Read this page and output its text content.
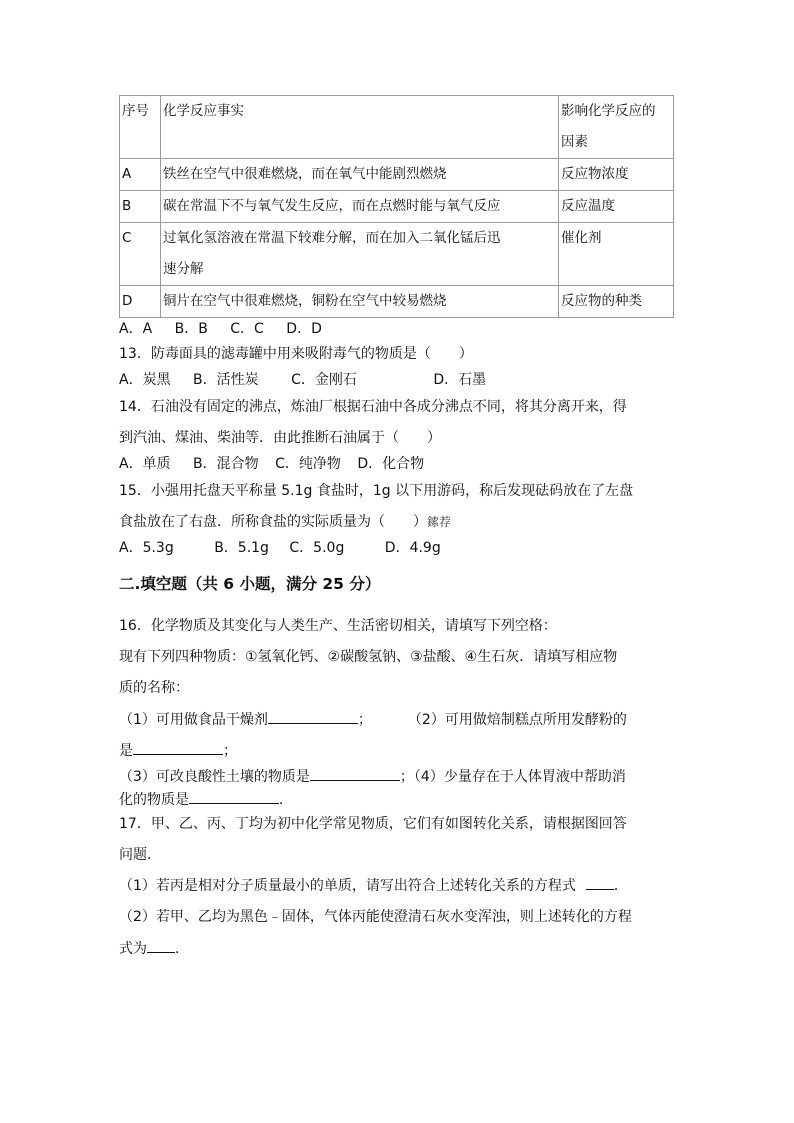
序号	化学反应事实	影响化学反应的
因素
A	铁丝在空气中很难燃烧，而在氧气中能剧烈燃烧	反应物浓度
B	碳在常温下不与氧气发生反应，而在点燃时能与氧气反应	反应温度
C	过氧化氢溶液在常温下较难分解，而在加入二氧化锰后迅
速分解	催化剂
D	铜片在空气中很难燃烧，铜粉在空气中较易燃烧	反应物的种类
A．A B．B C．C D．D
13．防毒面具的滤毒罐中用来吸附毒气的物质是（　　）
A．炭黑 B．活性炭 C．金刚石	D．石墨
14．石油没有固定的沸点，炼油厂根据石油中各成分沸点不同，将其分离开来，得
到汽油、煤油、柴油等．由此推断石油属于（　　）
A．单质 B．混合物 C．纯净物 D．化合物
15．小强用托盘天平称量 5.1g 食盐时，1g 以下用游码，称后发现砝码放在了左盘
食盐放在了右盘．所称食盐的实际质量为（　　）鎍荐
A．5.3g	B．5.1g C．5.0g	D．4.9g
二.填空题（共 6 小题，满分 25 分）
16．化学物质及其变化与人类生产、生活密切相关，请填写下列空格：
现有下列四种物质：①氢氧化钙、②碳酸氢钠、③盐酸、④生石灰．请填写相应物
质的名称：
（1）可用做食品干燥剂	；	（2）可用做焙制糕点所用发酵粉的
是	；
（3）可改良酸性土壤的物质是	；（4）少量存在于人体胃液中帮助消
化的物质是	．
17．甲、乙、丙、丁均为初中化学常见物质，它们有如图转化关系，请根据图回答
问题．
（1）若丙是相对分子质量最小的单质，请写出符合上述转化关系的方程式	．
（2）若甲、乙均为黑色﹣固体，气体丙能使澄清石灰水变浑浊，则上述转化的方程
式为 ．
